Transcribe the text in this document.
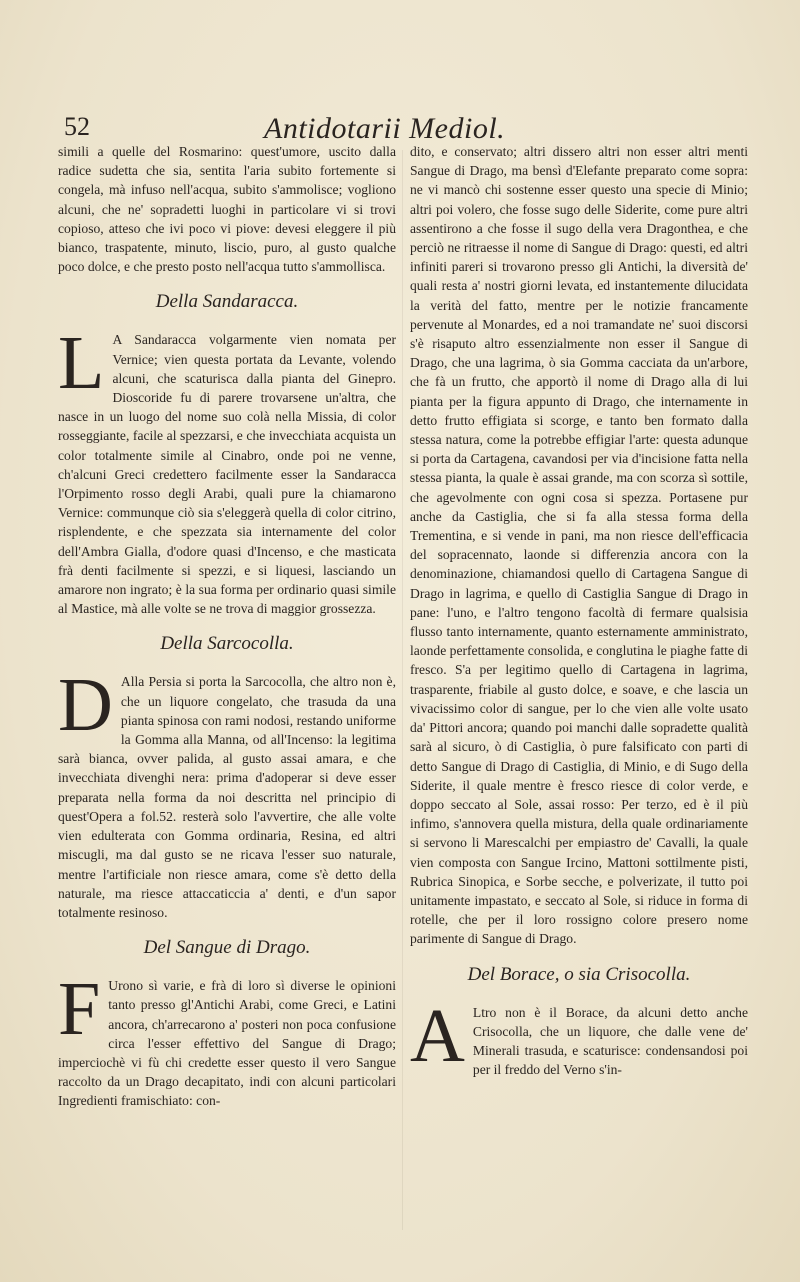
52	Antidotarii Mediol.

simili a quelle del Rosmarino: quest'umore, uscito dalla radice sudetta che sia, sentita l'aria subito fortemente si congela, mà infuso nell'acqua, subito s'ammolisce; vogliono alcuni, che ne' sopradetti luoghi in particolare vi si trovi copioso, atteso che ivi poco vi piove: devesi eleggere il più bianco, traspatente, minuto, liscio, puro, al gusto qualche poco dolce, e che presto posto nell'acqua tutto s'ammollisca.

Della Sandaracca.
L A Sandaracca volgarmente vien nomata per Vernice; vien questa portata da Levante, volendo alcuni, che scaturisca dalla pianta del Ginepro. Dioscoride fu di parere trovarsene un'altra, che nasce in un luogo del nome suo colà nella Missia, di color rosseggiante, facile al spezzarsi, e che invecchiata acquista un color totalmente simile al Cinabro, onde poi ne venne, ch'alcuni Greci credettero facilmente esser la Sandaracca l'Orpimento rosso degli Arabi, quali pure la chiamarono Vernice: communque ciò sia s'eleggerà quella di color citrino, risplendente, e che spezzata sia internamente del color dell'Ambra Gialla, d'odore quasi d'Incenso, e che masticata frà denti facilmente si spezzi, e si liquesi, lasciando un amarore non ingrato; è la sua forma per ordinario quasi simile al Mastice, mà alle volte se ne trova di maggior grossezza.

Della Sarcocolla.
D Alla Persia si porta la Sarcocolla, che altro non è, che un liquore congelato, che trasuda da una pianta spinosa con rami nodosi, restando uniforme la Gomma alla Manna, od all'Incenso: la legitima sarà bianca, ovver palida, al gusto assai amara, e che invecchiata divenghi nera: prima d'adoperar si deve esser preparata nella forma da noi descritta nel principio di quest'Opera a fol.52. resterà solo l'avvertire, che alle volte vien edulterata con Gomma ordinaria, Resina, ed altri miscugli, ma dal gusto se ne ricava l'esser suo naturale, mentre l'artificiale non riesce amara, come s'è detto della naturale, ma riesce attaccaticcia a' denti, e d'un sapor totalmente resinoso.

Del Sangue di Drago.
F Urono sì varie, e frà di loro sì diverse le opinioni tanto presso gl'Antichi Arabi, come Greci, e Latini ancora, ch'arrecarono a' posteri non poca confusione circa l'esser effettivo del Sangue di Drago; imperciochè vi fù chi credette esser questo il vero Sangue raccolto da un Drago decapitato, indi con alcuni particolari Ingredienti framischiato: con-

dito, e conservato; altri dissero altri non esser altri menti Sangue di Drago, ma bensì d'Elefante preparato come sopra: ne vi mancò chi sostenne esser questo una specie di Minio; altri poi volero, che fosse sugo delle Siderite, come pure altri assentirono a che fosse il sugo della vera Dragonthea, e che perciò ne ritraesse il nome di Sangue di Drago: questi, ed altri infiniti pareri si trovarono presso gli Antichi, la diversità de' quali resta a' nostri giorni levata, ed instantemente dilucidata la verità del fatto, mentre per le notizie francamente pervenute al Monardes, ed a noi tramandate ne' suoi discorsi s'è risaputo altro essenzialmente non esser il Sangue di Drago, che una lagrima, ò sia Gomma cacciata da un'arbore, che fà un frutto, che apportò il nome di Drago alla di lui pianta per la figura appunto di Drago, che internamente in detto frutto effigiata si scorge, e tanto ben formato dalla stessa natura, come la potrebbe effigiar l'arte: questa adunque si porta da Cartagena, cavandosi per via d'incisione fatta nella stessa pianta, la quale è assai grande, ma con scorza sì sottile, che agevolmente con ogni cosa si spezza. Portasene pur anche da Castiglia, che si fa alla stessa forma della Trementina, e si vende in pani, ma non riesce dell'efficacia del sopracennato, laonde si differenzia ancora con la denominazione, chiamandosi quello di Cartagena Sangue di Drago in lagrima, e quello di Castiglia Sangue di Drago in pane: l'uno, e l'altro tengono facoltà di fermare qualsisia flusso tanto internamente, quanto esternamente amministrato, laonde perfettamente consolida, e conglutina le piaghe fatte di fresco. S'a per legitimo quello di Cartagena in lagrima, trasparente, friabile al gusto dolce, e soave, e che lascia un vivacissimo color di sangue, per lo che vien alle volte usato da' Pittori ancora; quando poi manchi dalle sopradette qualità sarà al sicuro, ò di Castiglia, ò pure falsificato con parti di detto Sangue di Drago di Castiglia, di Minio, e di Sugo della Siderite, il quale mentre è fresco riesce di color verde, e doppo seccato al Sole, assai rosso: Per terzo, ed è il più infimo, s'annovera quella mistura, della quale ordinariamente si servono li Marescalchi per empiastro de' Cavalli, la quale vien composta con Sangue Ircino, Mattoni sottilmente pisti, Rubrica Sinopica, e Sorbe secche, e polverizate, il tutto poi unitamente impastato, e seccato al Sole, si riduce in forma di rotelle, che per il loro rossigno colore presero nome parimente di Sangue di Drago.

Del Borace, o sia Crisocolla.
A Ltro non è il Borace, da alcuni detto anche Crisocolla, che un liquore, che dalle vene de' Minerali trasuda, e scaturisce: condensandosi poi per il freddo del Verno s'in-
